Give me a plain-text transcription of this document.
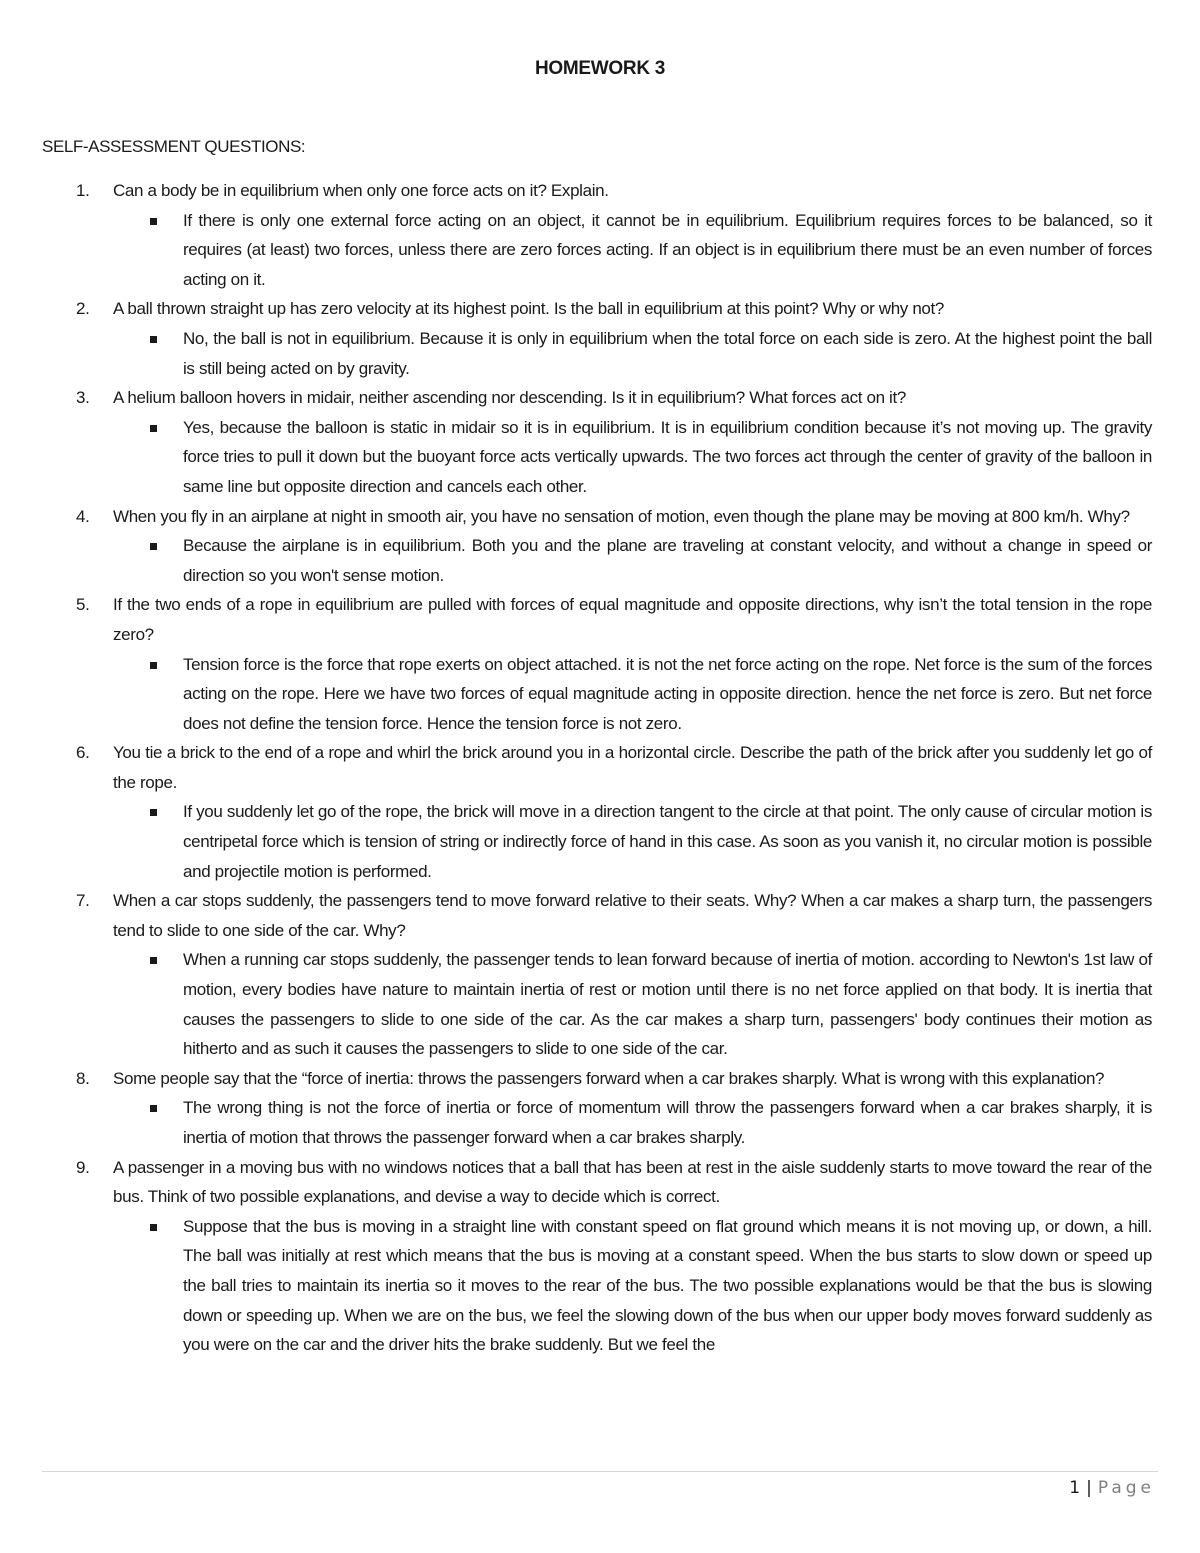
HOMEWORK 3
SELF-ASSESSMENT QUESTIONS:
1. Can a body be in equilibrium when only one force acts on it? Explain.
If there is only one external force acting on an object, it cannot be in equilibrium. Equilibrium requires forces to be balanced, so it requires (at least) two forces, unless there are zero forces acting. If an object is in equilibrium there must be an even number of forces acting on it.
2. A ball thrown straight up has zero velocity at its highest point. Is the ball in equilibrium at this point? Why or why not?
No, the ball is not in equilibrium. Because it is only in equilibrium when the total force on each side is zero. At the highest point the ball is still being acted on by gravity.
3. A helium balloon hovers in midair, neither ascending nor descending. Is it in equilibrium? What forces act on it?
Yes, because the balloon is static in midair so it is in equilibrium. It is in equilibrium condition because it’s not moving up. The gravity force tries to pull it down but the buoyant force acts vertically upwards. The two forces act through the center of gravity of the balloon in same line but opposite direction and cancels each other.
4. When you fly in an airplane at night in smooth air, you have no sensation of motion, even though the plane may be moving at 800 km/h. Why?
Because the airplane is in equilibrium. Both you and the plane are traveling at constant velocity, and without a change in speed or direction so you won't sense motion.
5. If the two ends of a rope in equilibrium are pulled with forces of equal magnitude and opposite directions, why isn’t the total tension in the rope zero?
Tension force is the force that rope exerts on object attached. it is not the net force acting on the rope. Net force is the sum of the forces acting on the rope. Here we have two forces of equal magnitude acting in opposite direction. hence the net force is zero. But net force does not define the tension force. Hence the tension force is not zero.
6. You tie a brick to the end of a rope and whirl the brick around you in a horizontal circle. Describe the path of the brick after you suddenly let go of the rope.
If you suddenly let go of the rope, the brick will move in a direction tangent to the circle at that point. The only cause of circular motion is centripetal force which is tension of string or indirectly force of hand in this case. As soon as you vanish it, no circular motion is possible and projectile motion is performed.
7. When a car stops suddenly, the passengers tend to move forward relative to their seats. Why? When a car makes a sharp turn, the passengers tend to slide to one side of the car. Why?
When a running car stops suddenly, the passenger tends to lean forward because of inertia of motion. according to Newton's 1st law of motion, every bodies have nature to maintain inertia of rest or motion until there is no net force applied on that body. It is inertia that causes the passengers to slide to one side of the car. As the car makes a sharp turn, passengers' body continues their motion as hitherto and as such it causes the passengers to slide to one side of the car.
8. Some people say that the “force of inertia: throws the passengers forward when a car brakes sharply. What is wrong with this explanation?
The wrong thing is not the force of inertia or force of momentum will throw the passengers forward when a car brakes sharply, it is inertia of motion that throws the passenger forward when a car brakes sharply.
9. A passenger in a moving bus with no windows notices that a ball that has been at rest in the aisle suddenly starts to move toward the rear of the bus. Think of two possible explanations, and devise a way to decide which is correct.
Suppose that the bus is moving in a straight line with constant speed on flat ground which means it is not moving up, or down, a hill. The ball was initially at rest which means that the bus is moving at a constant speed. When the bus starts to slow down or speed up the ball tries to maintain its inertia so it moves to the rear of the bus. The two possible explanations would be that the bus is slowing down or speeding up. When we are on the bus, we feel the slowing down of the bus when our upper body moves forward suddenly as you were on the car and the driver hits the brake suddenly. But we feel the
1 | Page
